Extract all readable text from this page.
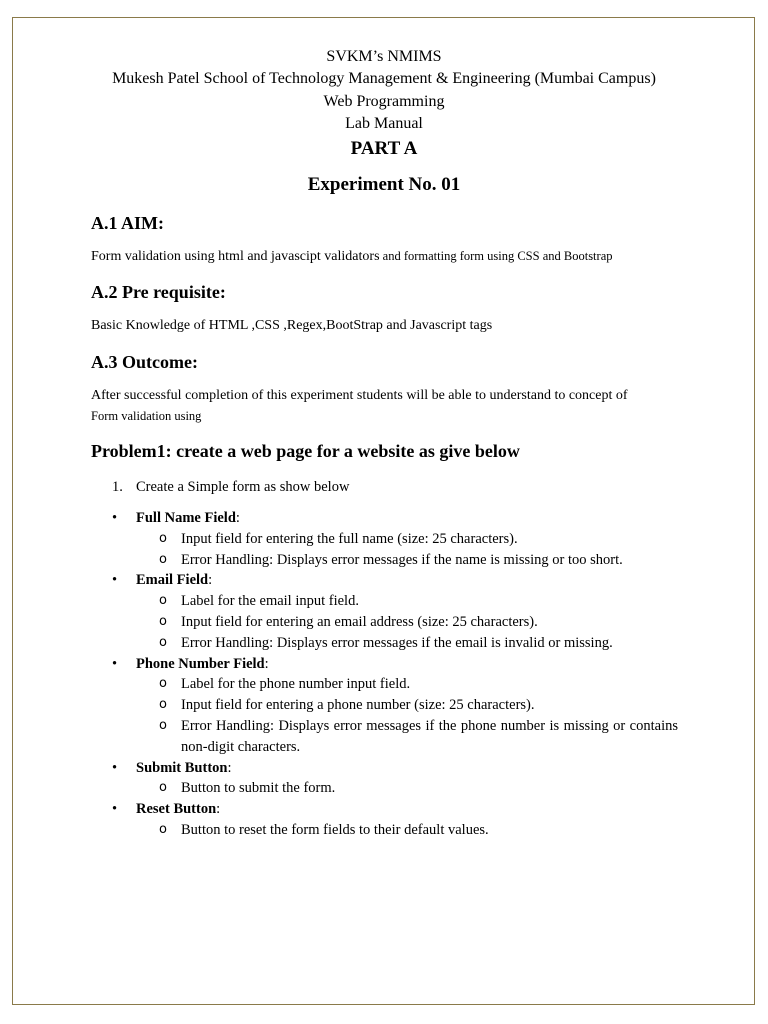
SVKM’s NMIMS
Mukesh Patel School of Technology Management & Engineering (Mumbai Campus)
Web Programming
Lab Manual
PART A
Experiment No. 01
A.1 AIM:
Form validation using html and javascipt validators and formatting form using CSS and Bootstrap
A.2 Pre requisite:
Basic Knowledge of HTML ,CSS ,Regex,BootStrap and Javascript tags
A.3 Outcome:
After successful completion of this experiment students will be able to understand to concept of
Form validation using
Problem1: create a web page for a website as give below
1. Create a Simple form as show below
• Full Name Field:
o Input field for entering the full name (size: 25 characters).
o Error Handling: Displays error messages if the name is missing or too short.
• Email Field:
o Label for the email input field.
o Input field for entering an email address (size: 25 characters).
o Error Handling: Displays error messages if the email is invalid or missing.
• Phone Number Field:
o Label for the phone number input field.
o Input field for entering a phone number (size: 25 characters).
o Error Handling: Displays error messages if the phone number is missing or contains non-digit characters.
• Submit Button:
o Button to submit the form.
• Reset Button:
o Button to reset the form fields to their default values.
